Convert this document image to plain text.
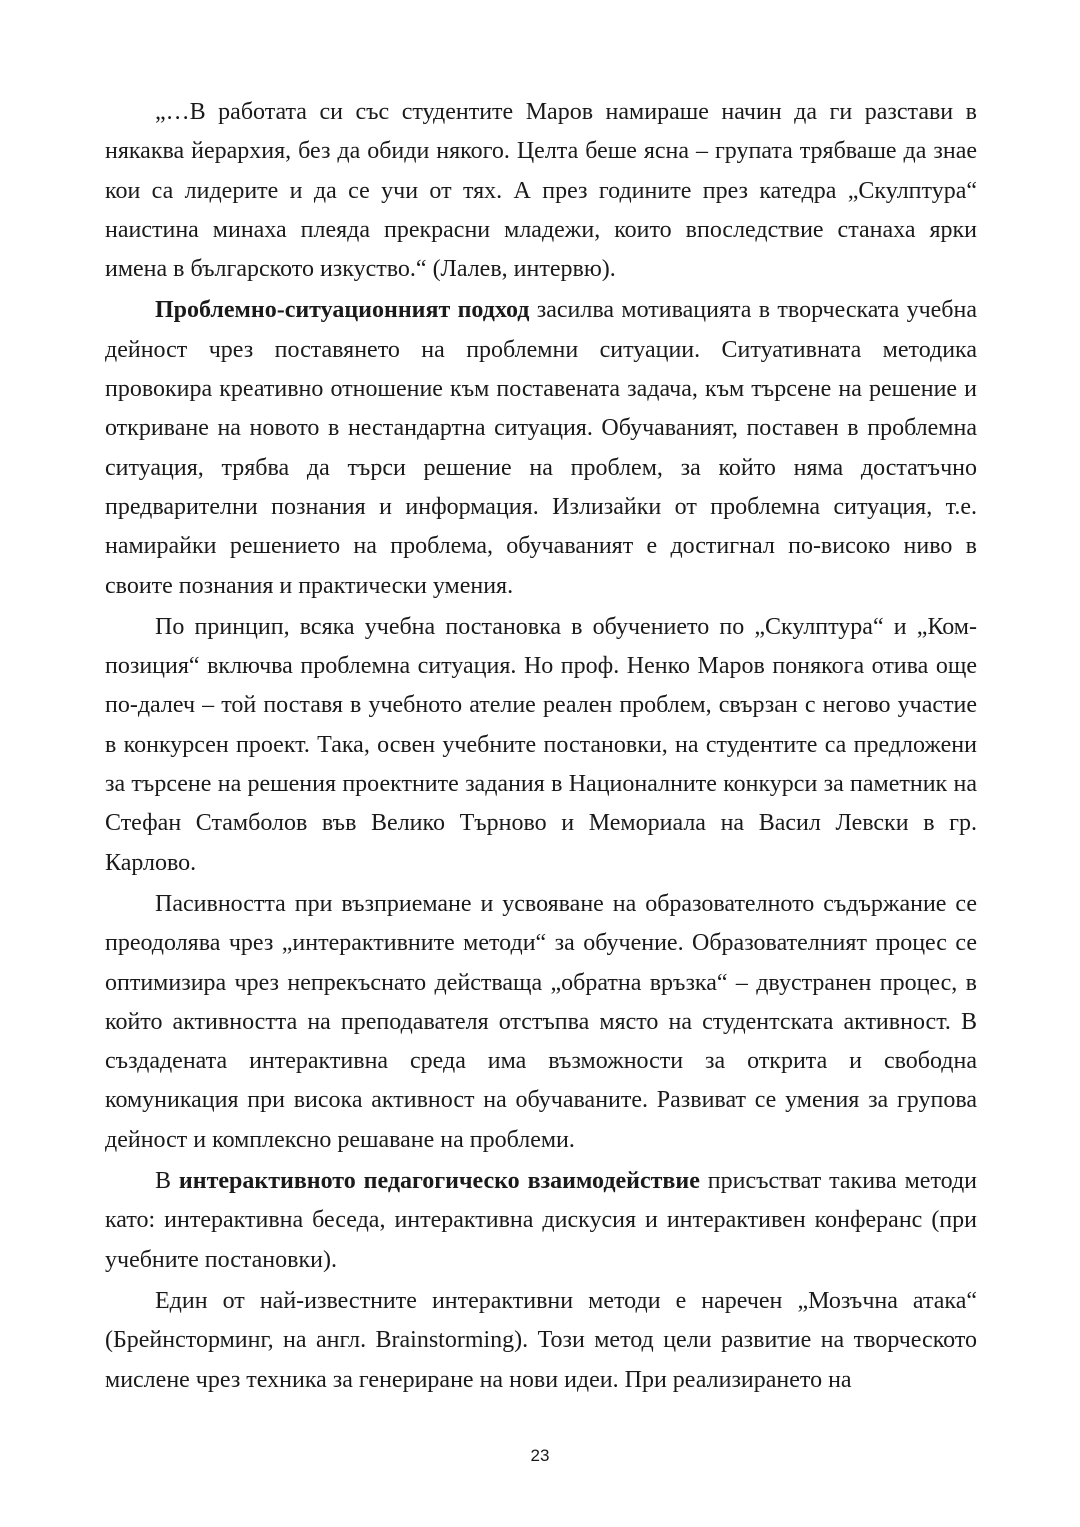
„…В работата си със студентите Маров намираше начин да ги разстави в някаква йерархия, без да обиди някого. Целта беше ясна – групата трябваше да знае кои са лидерите и да се учи от тях. А през годините през катедра „Скулптура“ наистина минаха плеяда прекрасни младежи, които впоследствие станаха ярки имена в българското изкуство.“ (Лалев, интервю).

Проблемно-ситуационният подход засилва мотивацията в творческата учебна дейност чрез поставянето на проблемни ситуации. Ситуативната методика провокира креативно отношение към поставената задача, към търсене на решение и откриване на новото в нестандартна ситуация. Обучаваният, поставен в проблемна ситуация, трябва да търси решение на проблем, за който няма достатъчно предварителни познания и информация. Излизайки от проблемна ситуация, т.е. намирайки решението на проблема, обучаваният е достигнал по-високо ниво в своите познания и практически умения.

По принцип, всяка учебна постановка в обучението по „Скулптура“ и „Композиция“ включва проблемна ситуация. Но проф. Ненко Маров понякога отива още по-далеч – той поставя в учебното ателие реален проблем, свързан с негово участие в конкурсен проект. Така, освен учебните постановки, на студентите са предложени за търсене на решения проектните задания в Националните конкурси за паметник на Стефан Стамболов във Велико Търново и Мемориала на Васил Левски в гр. Карлово.

Пасивността при възприемане и усвояване на образователното съдържание се преодолява чрез „интерактивните методи“ за обучение. Образователният процес се оптимизира чрез непрекъснато действаща „обратна връзка“ – двустранен процес, в който активността на преподавателя отстъпва място на студентската активност. В създадената интерактивна среда има възможности за открита и свободна комуникация при висока активност на обучаваните. Развиват се умения за групова дейност и комплексно решаване на проблеми.

В интерактивното педагогическо взаимодействие присъстват такива методи като: интерактивна беседа, интерактивна дискусия и интерактивен конферанс (при учебните постановки).

Един от най-известните интерактивни методи е наречен „Мозъчна атака“ (Брейнсторминг, на англ. Brainstorming). Този метод цели развитие на творческото мислене чрез техника за генериране на нови идеи. При реализирането на

23
